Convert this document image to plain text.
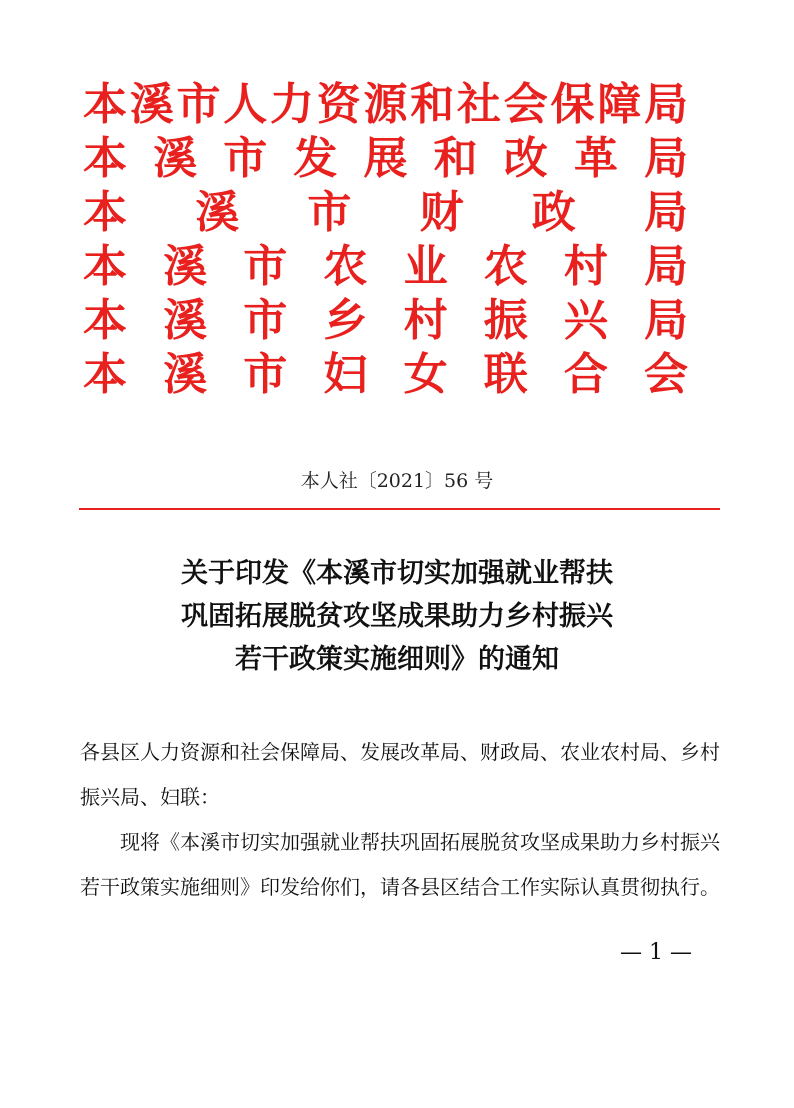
本 溪 市 人 力 资 源 和 社 会 保 障 局
本 溪 市 发 展 和 改 革 局
本 溪 市 财 政 局
本 溪 市 农 业 农 村 局
本 溪 市 乡 村 振 兴 局
本 溪 市 妇 女 联 合 会
本人社〔2021〕56 号
关于印发《本溪市切实加强就业帮扶
巩固拓展脱贫攻坚成果助力乡村振兴
若干政策实施细则》的通知

各县区人力资源和社会保障局、发展改革局、财政局、农业农村局、乡村振兴局、妇联：

现将《本溪市切实加强就业帮扶巩固拓展脱贫攻坚成果助力乡村振兴若干政策实施细则》印发给你们，请各县区结合工作实际认真贯彻执行。

— 1 —
